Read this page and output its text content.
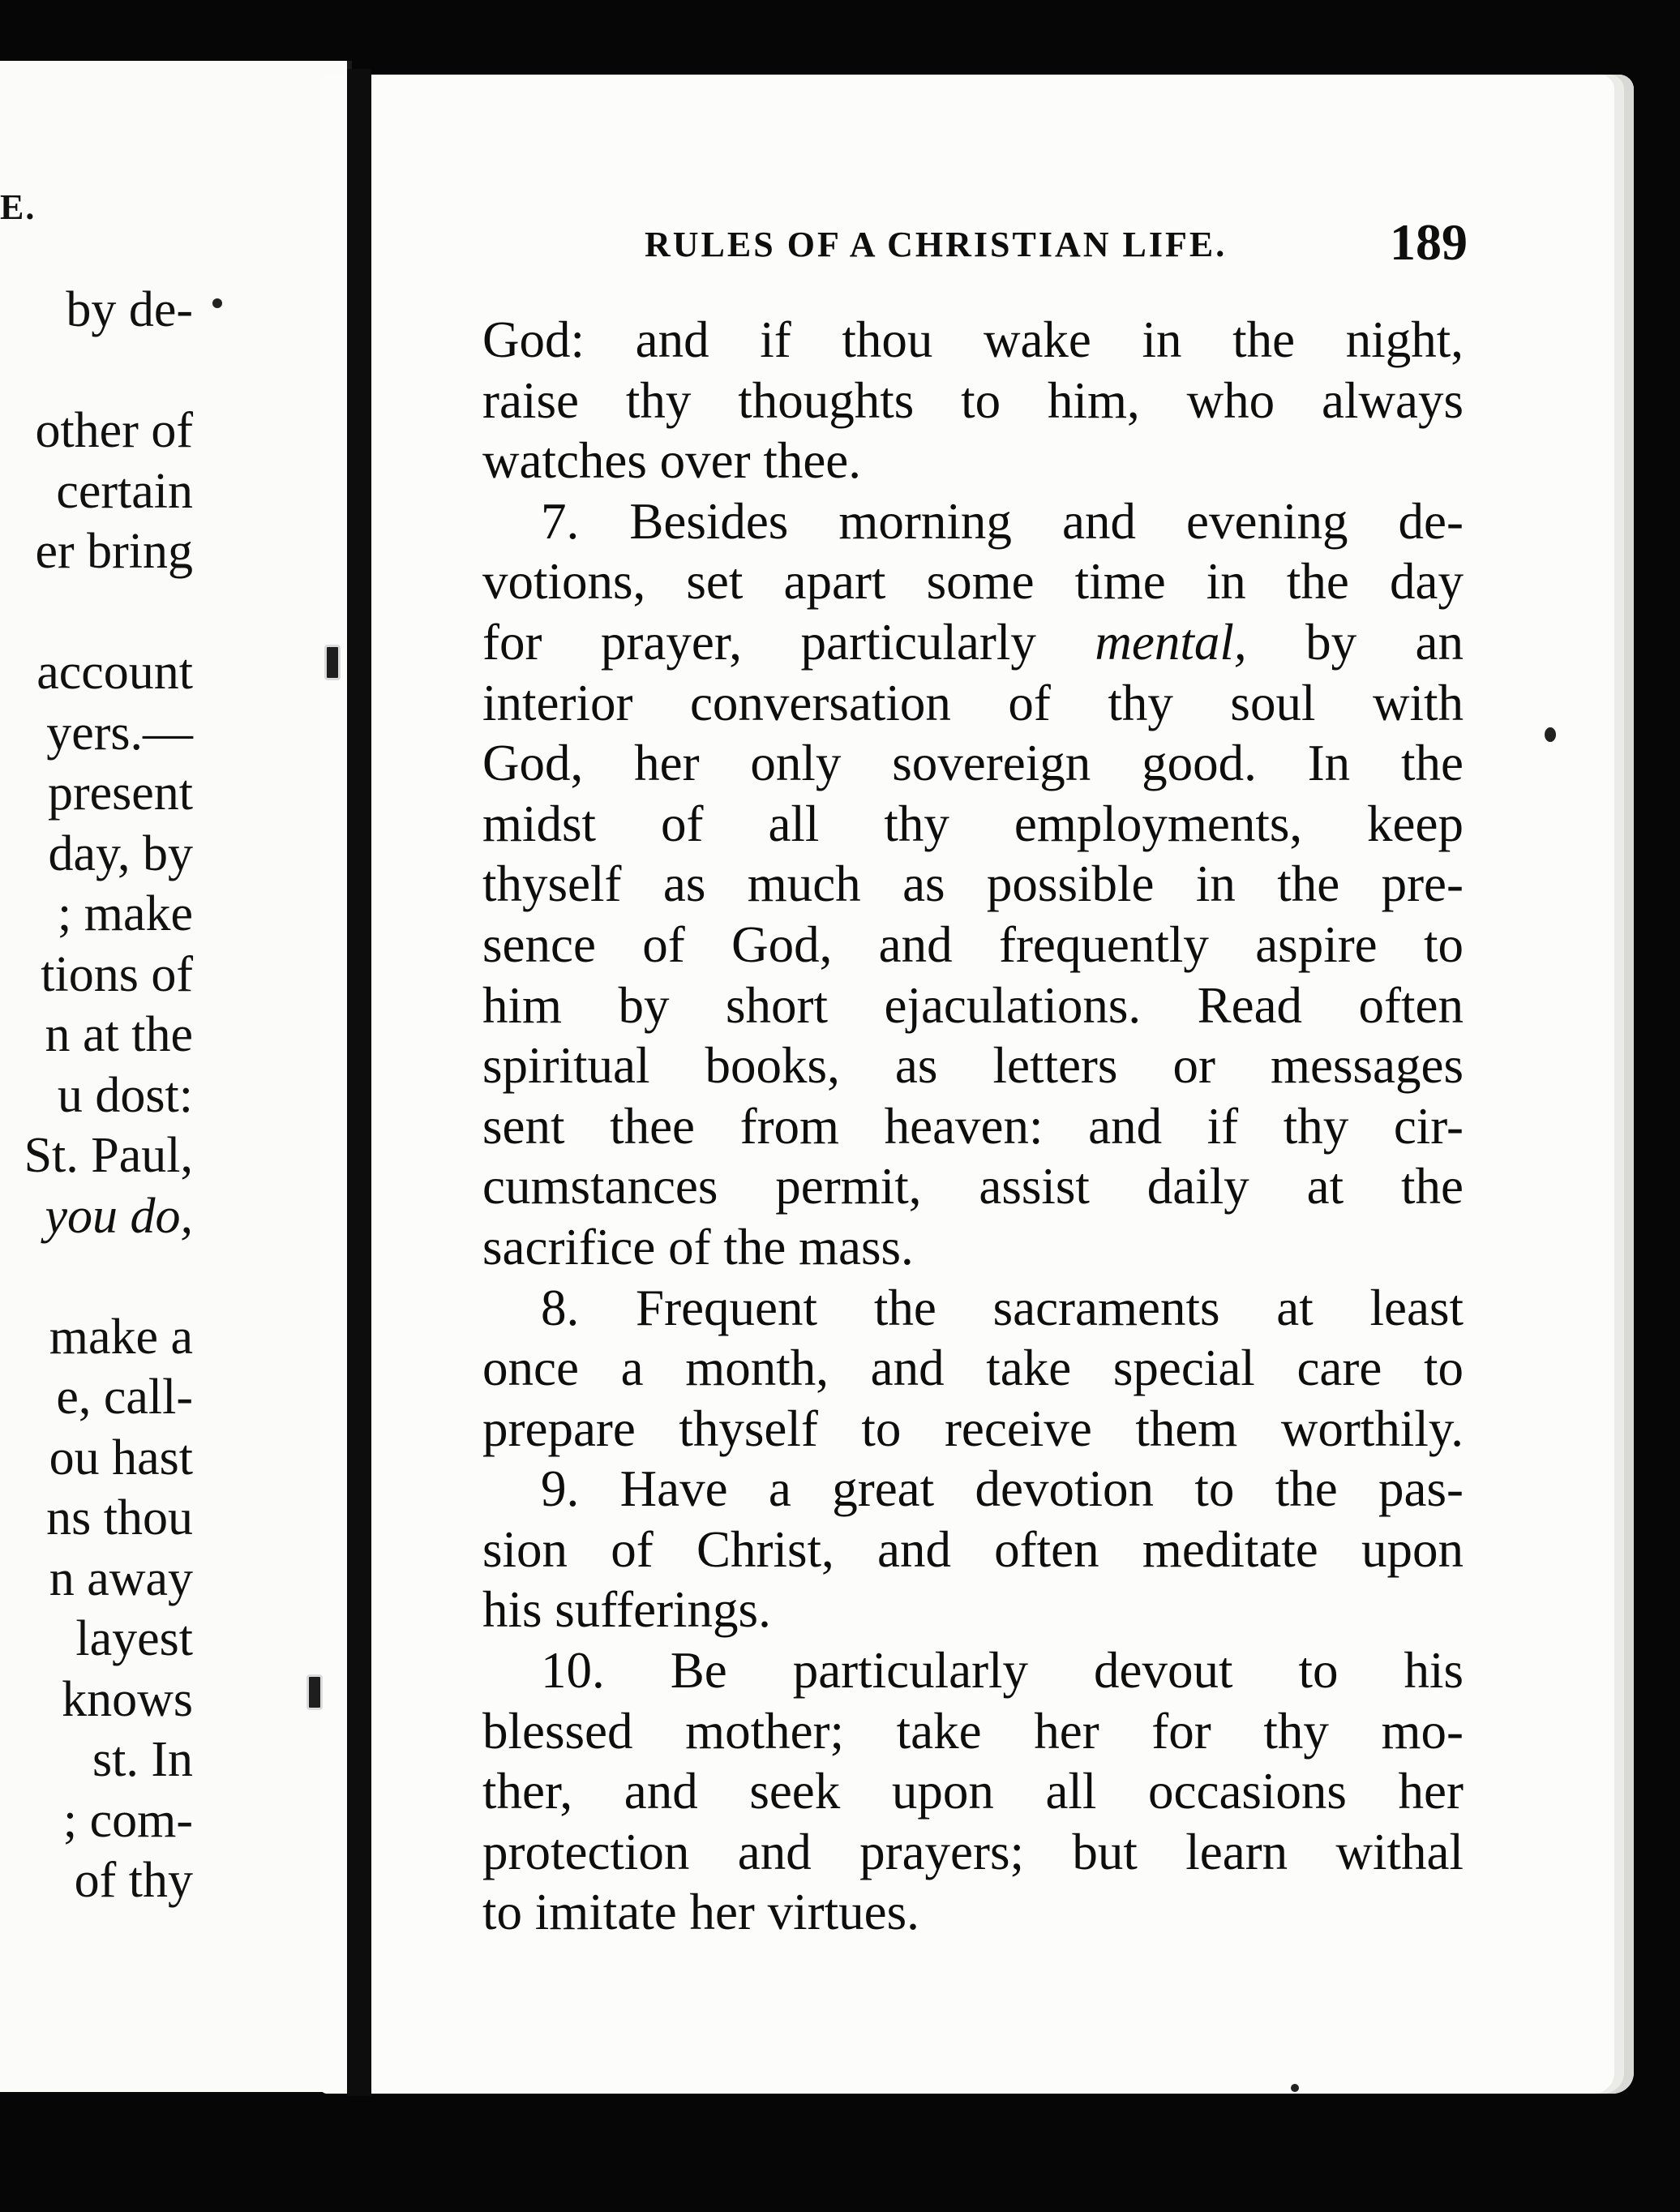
E.
by de-
other of
certain
er bring
account
yers.—
present
day, by
; make
tions of
n at the
u dost:
St. Paul,
you do,
make a
e, call-
ou hast
ns thou
n away
layest
knows
st. In
; com-
of thy
RULES OF A CHRISTIAN LIFE.	189
God: and if thou wake in the night,
raise thy thoughts to him, who always
watches over thee.
7. Besides morning and evening de-
votions, set apart some time in the day
for prayer, particularly mental, by an
interior conversation of thy soul with
God, her only sovereign good. In the
midst of all thy employments, keep
thyself as much as possible in the pre-
sence of God, and frequently aspire to
him by short ejaculations. Read often
spiritual books, as letters or messages
sent thee from heaven: and if thy cir-
cumstances permit, assist daily at the
sacrifice of the mass.
8. Frequent the sacraments at least
once a month, and take special care to
prepare thyself to receive them worthily.
9. Have a great devotion to the pas-
sion of Christ, and often meditate upon
his sufferings.
10. Be particularly devout to his
blessed mother; take her for thy mo-
ther, and seek upon all occasions her
protection and prayers; but learn withal
to imitate her virtues.
